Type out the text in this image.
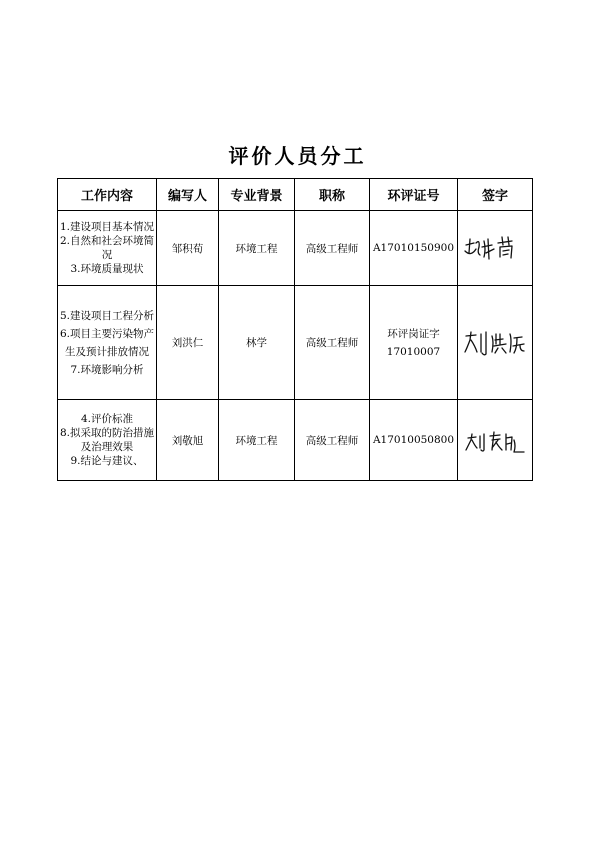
评价人员分工
工作内容	编写人	专业背景	职称	环评证号	签字

1.建设项目基本情况
2.自然和社会环境简况
3.环境质量现状	邹积荀	环境工程	高级工程师	A17010150900	

5.建设项目工程分析
6.项目主要污染物产生及预计排放情况
7.环境影响分析	刘洪仁	林学	高级工程师	环评岗证字
17010007

4.评价标准
8.拟采取的防治措施及治理效果
9.结论与建议、	刘敬旭	环境工程	高级工程师	A17010050800	
